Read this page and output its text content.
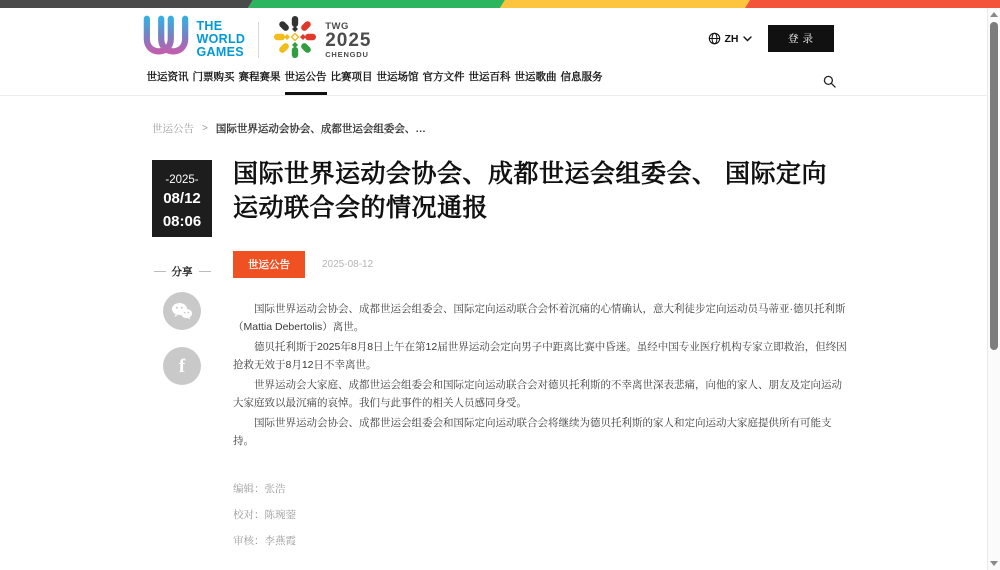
THE
WORLD
GAMES
TWG
2025
CHENGDU
ZH	登录
世运资讯 门票购买 赛程赛果 世运公告 比赛项目 世运场馆 官方文件 世运百科 世运歌曲 信息服务
世运公告 > 国际世界运动会协会、成都世运会组委会、…
-2025-
08/12
08:06
分享
f
国际世界运动会协会、成都世运会组委会、 国际定向运动联合会的情况通报
世运公告	2025-08-12

国际世界运动会协会、成都世运会组委会、国际定向运动联合会怀着沉痛的心情确认，意大利徒步定向运动员马蒂亚·德贝托利斯（Mattia Debertolis）离世。

德贝托利斯于2025年8月8日上午在第12届世界运动会定向男子中距离比赛中昏迷。虽经中国专业医疗机构专家立即救治，但终因抢救无效于8月12日不幸离世。

世界运动会大家庭、成都世运会组委会和国际定向运动联合会对德贝托利斯的不幸离世深表悲痛，向他的家人、朋友及定向运动大家庭致以最沉痛的哀悼。我们与此事件的相关人员感同身受。

国际世界运动会协会、成都世运会组委会和国际定向运动联合会将继续为德贝托利斯的家人和定向运动大家庭提供所有可能支持。

编辑：张浩
校对：陈琬蓥
审核：李燕霞
